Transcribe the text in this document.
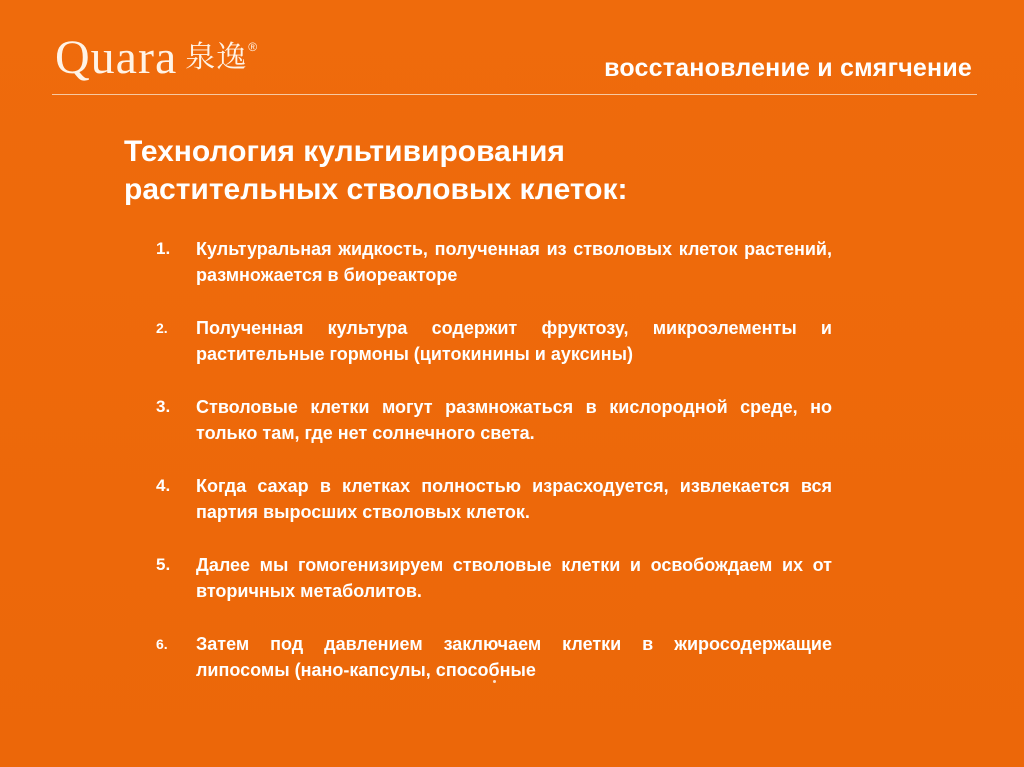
Quara 泉逸 ®
восстановление и смягчение
Технология культивирования
растительных стволовых клеток:
1.	Культуральная жидкость, полученная из стволовых клеток растений, размножается в биореакторе
2.	Полученная культура содержит фруктозу, микроэлементы и растительные гормоны (цитокинины и ауксины)
3.	Стволовые клетки могут размножаться в кислородной среде, но только там, где нет солнечного света.
4.	Когда сахар в клетках полностью израсходуется, извлекается вся партия выросших стволовых клеток.
5.	Далее мы гомогенизируем стволовые клетки и освобождаем их от вторичных метаболитов.
6.	Затем под давлением заключаем клетки в жиросодержащие липосомы (нано-капсулы, способные
